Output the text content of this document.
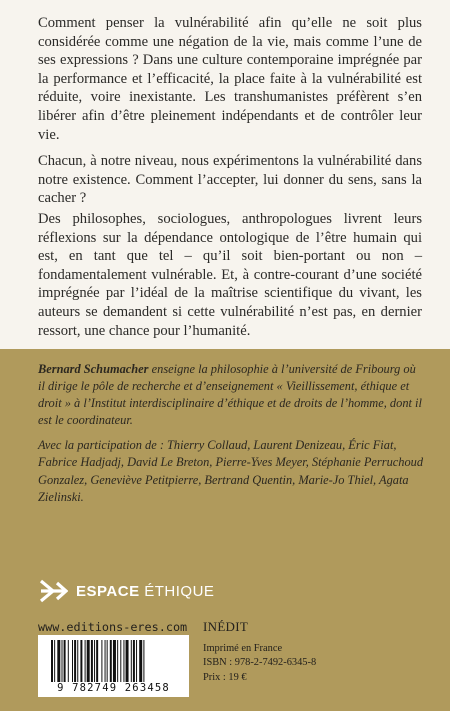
Comment penser la vulnérabilité afin qu’elle ne soit plus considérée comme une négation de la vie, mais comme l’une de ses expressions ? Dans une culture contemporaine imprégnée par la performance et l’efficacité, la place faite à la vulnérabilité est réduite, voire inexistante. Les transhumanistes préfèrent s’en libérer afin d’être pleinement indépendants et de contrôler leur vie.

Chacun, à notre niveau, nous expérimentons la vulnérabilité dans notre existence. Comment l’accepter, lui donner du sens, sans la cacher ?

Des philosophes, sociologues, anthropologues livrent leurs réflexions sur la dépendance ontologique de l’être humain qui est, en tant que tel – qu’il soit bien-portant ou non – fondamentalement vulnérable. Et, à contre-courant d’une société imprégnée par l’idéal de la maîtrise scientifique du vivant, les auteurs se demandent si cette vulnérabilité n’est pas, en dernier ressort, une chance pour l’humanité.

Bernard Schumacher enseigne la philosophie à l’université de Fribourg où il dirige le pôle de recherche et d’enseignement « Vieillissement, éthique et droit » à l’Institut interdisciplinaire d’éthique et de droits de l’homme, dont il est le coordinateur.
Avec la participation de : Thierry Collaud, Laurent Denizeau, Éric Fiat, Fabrice Hadjadj, David Le Breton, Pierre-Yves Meyer, Stéphanie Perruchoud Gonzalez, Geneviève Petitpierre, Bertrand Quentin, Marie-Jo Thiel, Agata Zielinski.
ESPACE ÉTHIQUE
www.editions-eres.com INÉDIT
9 782749 263458
Imprimé en France
ISBN : 978-2-7492-6345-8
Prix : 19 €
